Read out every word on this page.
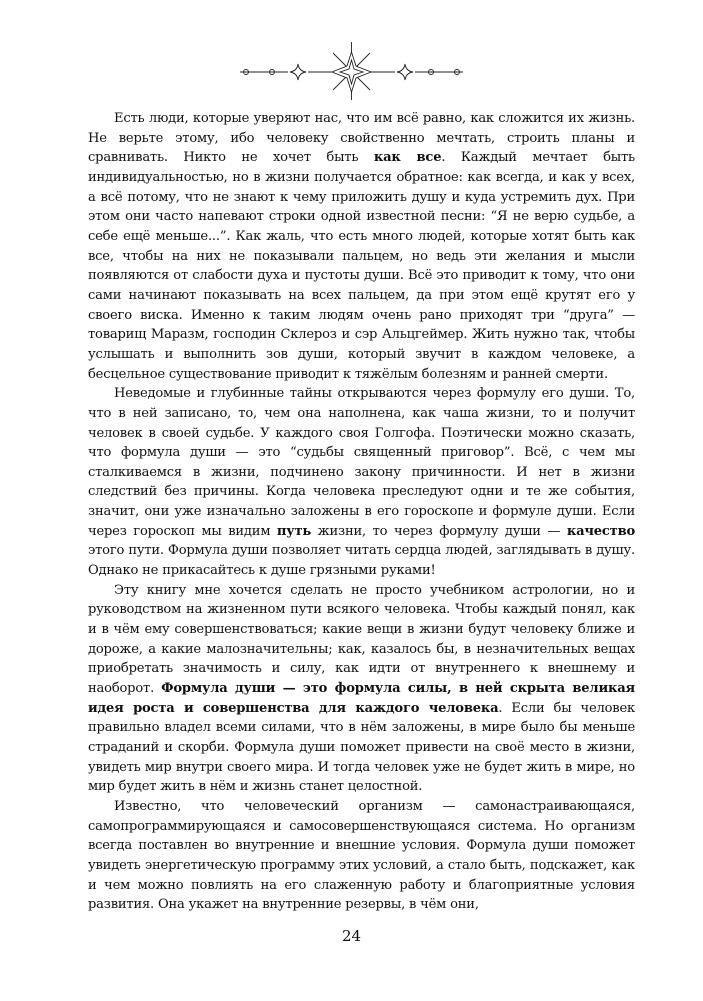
Есть люди, которые уверяют нас, что им всё равно, как сложится их жизнь. Не верьте этому, ибо человеку свойственно мечтать, строить планы и сравнивать. Никто не хочет быть как все. Каждый мечтает быть индивидуальностью, но в жизни получается обратное: как всегда, и как у всех, а всё потому, что не знают к чему приложить душу и куда устремить дух. При этом они часто напевают строки одной известной песни: “Я не верю судьбе, а себе ещё меньше...”. Как жаль, что есть много людей, которые хотят быть как все, чтобы на них не показывали пальцем, но ведь эти желания и мысли появляются от слабости духа и пустоты души. Всё это приводит к тому, что они сами начинают показывать на всех пальцем, да при этом ещё крутят его у своего виска. Именно к таким людям очень рано приходят три “друга” — товарищ Маразм, господин Склероз и сэр Альцгеймер. Жить нужно так, чтобы услышать и выполнить зов души, который звучит в каждом человеке, а бесцельное существование приводит к тяжёлым болезням и ранней смерти.

Неведомые и глубинные тайны открываются через формулу его души. То, что в ней записано, то, чем она наполнена, как чаша жизни, то и получит человек в своей судьбе. У каждого своя Голгофа. Поэтически можно сказать, что формула души — это “судьбы священный приговор”. Всё, с чем мы сталкиваемся в жизни, подчинено закону причинности. И нет в жизни следствий без причины. Когда человека преследуют одни и те же события, значит, они уже изначально заложены в его гороскопе и формуле души. Если через гороскоп мы видим путь жизни, то через формулу души — качество этого пути. Формула души позволяет читать сердца людей, заглядывать в душу. Однако не прикасайтесь к душе грязными руками!

Эту книгу мне хочется сделать не просто учебником астрологии, но и руководством на жизненном пути всякого человека. Чтобы каждый понял, как и в чём ему совершенствоваться; какие вещи в жизни будут человеку ближе и дороже, а какие малозначительны; как, казалось бы, в незначительных вещах приобретать значимость и силу, как идти от внутреннего к внешнему и наоборот. Формула души — это формула силы, в ней скрыта великая идея роста и совершенства для каждого человека. Если бы человек правильно владел всеми силами, что в нём заложены, в мире было бы меньше страданий и скорби. Формула души поможет привести на своё место в жизни, увидеть мир внутри своего мира. И тогда человек уже не будет жить в мире, но мир будет жить в нём и жизнь станет целостной.

Известно, что человеческий организм — самонастраивающаяся, самопрограммирующаяся и самосовершенствующаяся система. Но организм всегда поставлен во внутренние и внешние условия. Формула души поможет увидеть энергетическую программу этих условий, а стало быть, подскажет, как и чем можно повлиять на его слаженную работу и благоприятные условия развития. Она укажет на внутренние резервы, в чём они,

24
